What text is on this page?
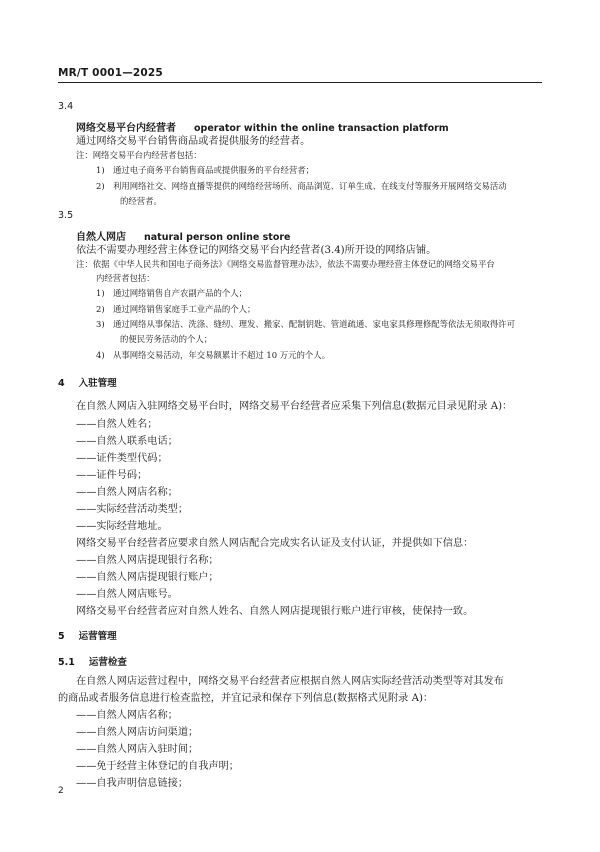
MR/T 0001—2025
3.4
网络交易平台内经营者 operator within the online transaction platform
通过网络交易平台销售商品或者提供服务的经营者。
注：网络交易平台内经营者包括：
1)　通过电子商务平台销售商品或提供服务的平台经营者；
2)　利用网络社交、网络直播等提供的网络经营场所、商品浏览、订单生成、在线支付等服务开展网络交易活动
的经营者。
3.5
自然人网店 natural person online store
依法不需要办理经营主体登记的网络交易平台内经营者(3.4)所开设的网络店铺。
注：依据《中华人民共和国电子商务法》《网络交易监督管理办法》，依法不需要办理经营主体登记的网络交易平台
内经营者包括：
1)　通过网络销售自产农副产品的个人；
2)　通过网络销售家庭手工业产品的个人；
3)　通过网络从事保洁、洗涤、缝纫、理发、搬家、配制钥匙、管道疏通、家电家具修理修配等依法无须取得许可
的便民劳务活动的个人；
4)　从事网络交易活动，年交易额累计不超过 10 万元的个人。
4 入驻管理
在自然人网店入驻网络交易平台时，网络交易平台经营者应采集下列信息(数据元目录见附录 A)：
——自然人姓名；
——自然人联系电话；
——证件类型代码；
——证件号码；
——自然人网店名称；
——实际经营活动类型；
——实际经营地址。
网络交易平台经营者应要求自然人网店配合完成实名认证及支付认证，并提供如下信息：
——自然人网店提现银行名称；
——自然人网店提现银行账户；
——自然人网店账号。
网络交易平台经营者应对自然人姓名、自然人网店提现银行账户进行审核，使保持一致。
5 运营管理
5.1 运营检查
在自然人网店运营过程中，网络交易平台经营者应根据自然人网店实际经营活动类型等对其发布
的商品或者服务信息进行检查监控，并宜记录和保存下列信息(数据格式见附录 A)：
——自然人网店名称；
——自然人网店访问渠道；
——自然人网店入驻时间；
——免于经营主体登记的自我声明；
——自我声明信息链接；
2
